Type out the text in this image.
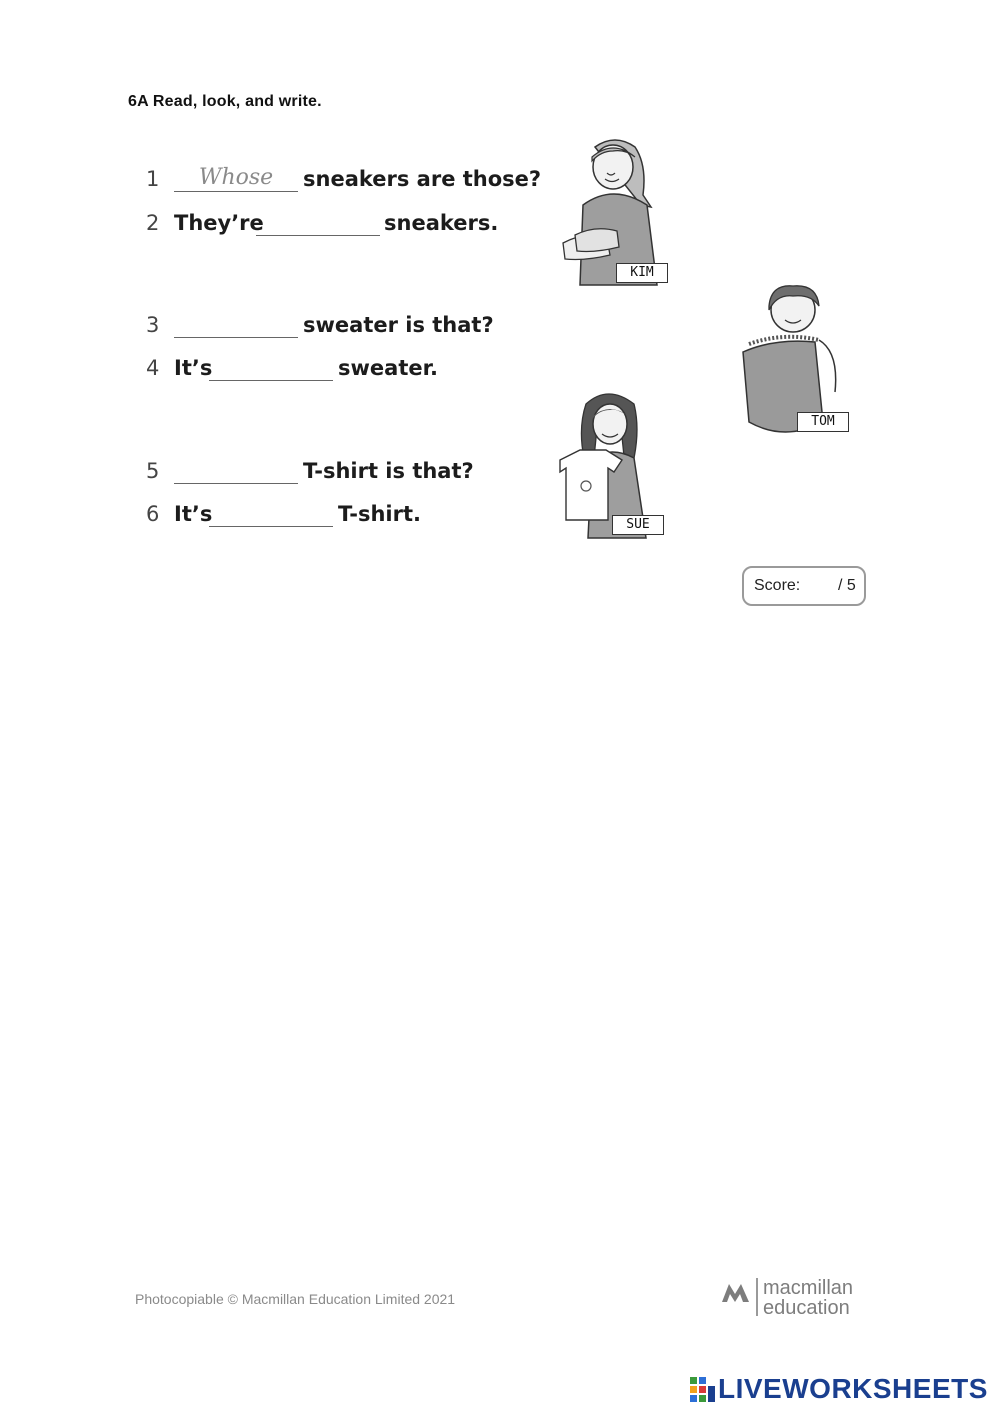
6A Read, look, and write.
1	Whose	sneakers are those?
2 They’re	sneakers.
3	sweater is that?
4 It’s	sweater.
5	T-shirt is that?
6 It’s	T-shirt.
KIM
TOM
SUE
Score: / 5
Photocopiable © Macmillan Education Limited 2021	macmillan
education
LIVEWORKSHEETS
